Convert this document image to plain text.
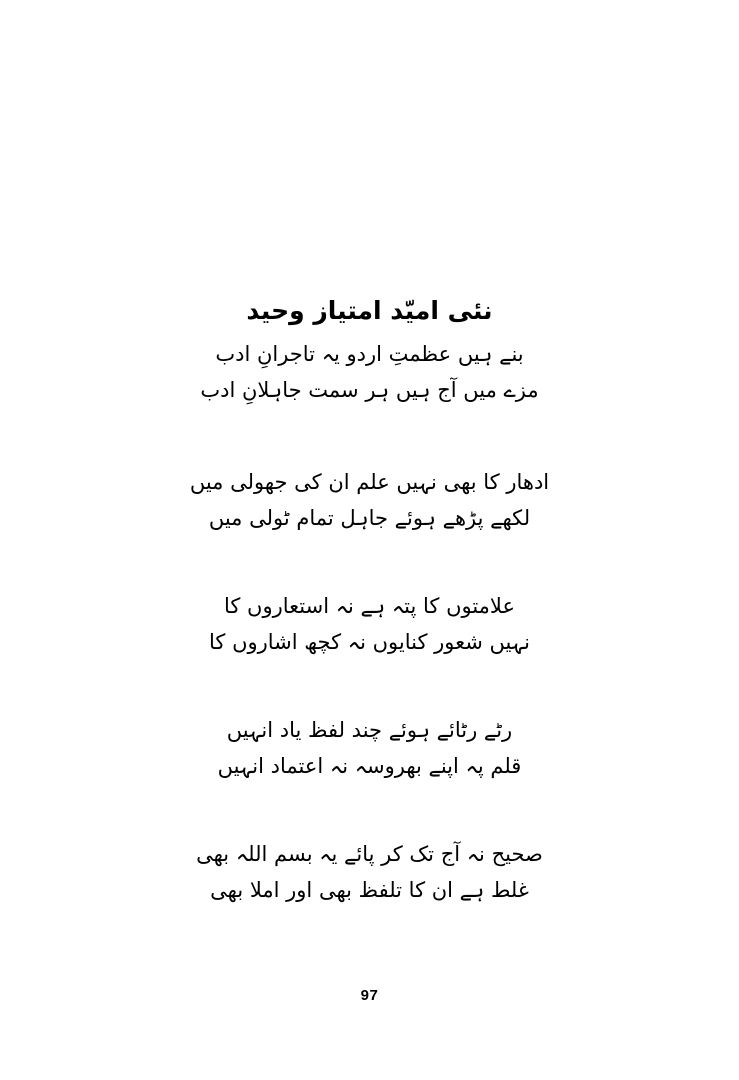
نئی امیّد امتیاز وحید
بنے ہیں عظمتِ اردو یہ تاجرانِ ادب
مزے میں آج ہیں ہر سمت جاہلانِ ادب
ادھار کا بھی نہیں علم ان کی جھولی میں
لکھے پڑھے ہوئے جاہل تمام ٹولی میں
علامتوں کا پتہ ہے نہ استعاروں کا
نہیں شعور کنایوں نہ کچھ اشاروں کا
رٹے رٹائے ہوئے چند لفظ یاد انہیں
قلم پہ اپنے بھروسہ نہ اعتماد انہیں
صحیح نہ آج تک کر پائے یہ بسم اللہ بھی
غلط ہے ان کا تلفظ بھی اور املا بھی
97
